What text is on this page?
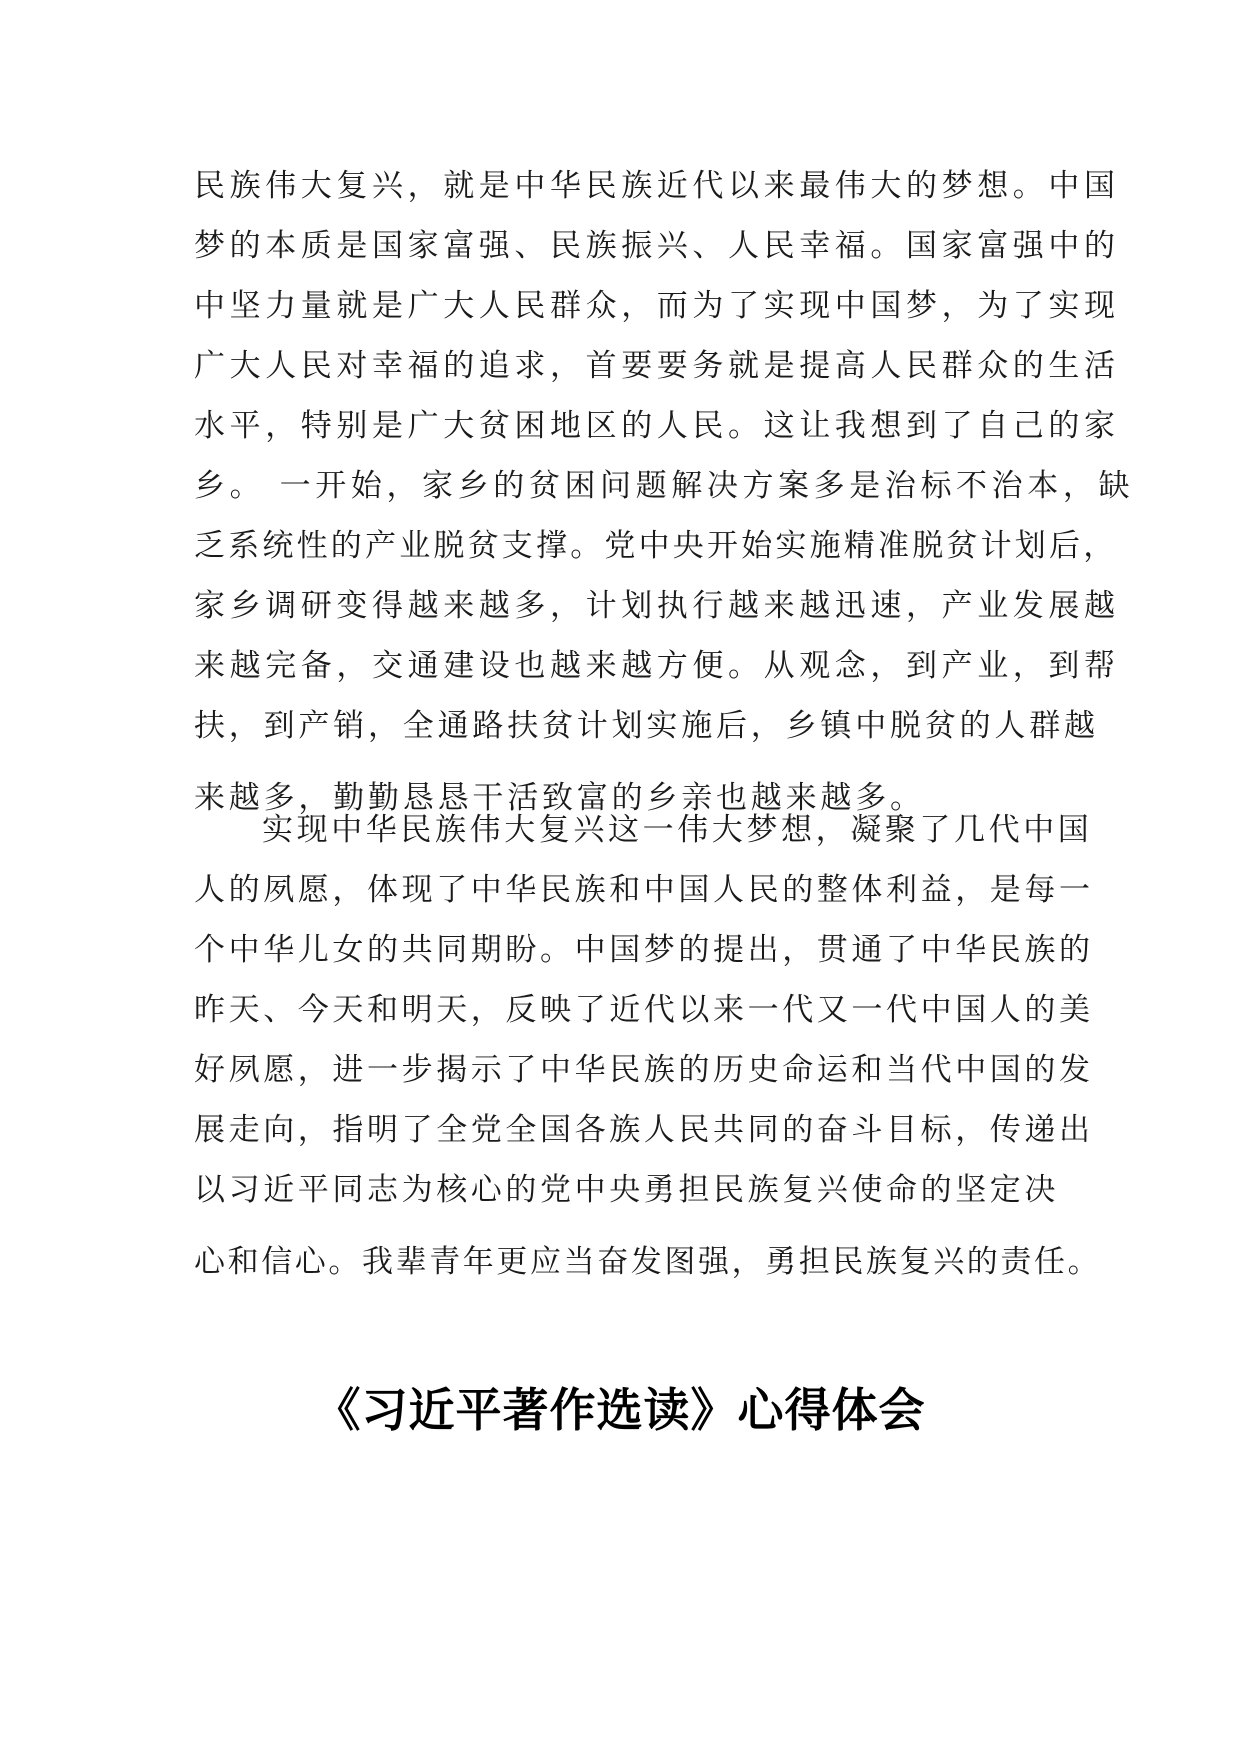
民族伟大复兴，就是中华民族近代以来最伟大的梦想。中国
梦的本质是国家富强、民族振兴、人民幸福。国家富强中的
中坚力量就是广大人民群众，而为了实现中国梦，为了实现
广大人民对幸福的追求，首要要务就是提高人民群众的生活
水平，特别是广大贫困地区的人民。这让我想到了自己的家
乡。 一开始，家乡的贫困问题解决方案多是治标不治本，缺
乏系统性的产业脱贫支撑。党中央开始实施精准脱贫计划后，
家乡调研变得越来越多，计划执行越来越迅速，产业发展越
来越完备，交通建设也越来越方便。从观念，到产业，到帮
扶，到产销，全通路扶贫计划实施后，乡镇中脱贫的人群越
来越多，勤勤恳恳干活致富的乡亲也越来越多。

实现中华民族伟大复兴这一伟大梦想，凝聚了几代中国
人的夙愿，体现了中华民族和中国人民的整体利益，是每一
个中华儿女的共同期盼。中国梦的提出，贯通了中华民族的
昨天、今天和明天，反映了近代以来一代又一代中国人的美
好夙愿，进一步揭示了中华民族的历史命运和当代中国的发
展走向，指明了全党全国各族人民共同的奋斗目标，传递出
以习近平同志为核心的党中央勇担民族复兴使命的坚定决
心和信心。我辈青年更应当奋发图强，勇担民族复兴的责任。

《习近平著作选读》心得体会
